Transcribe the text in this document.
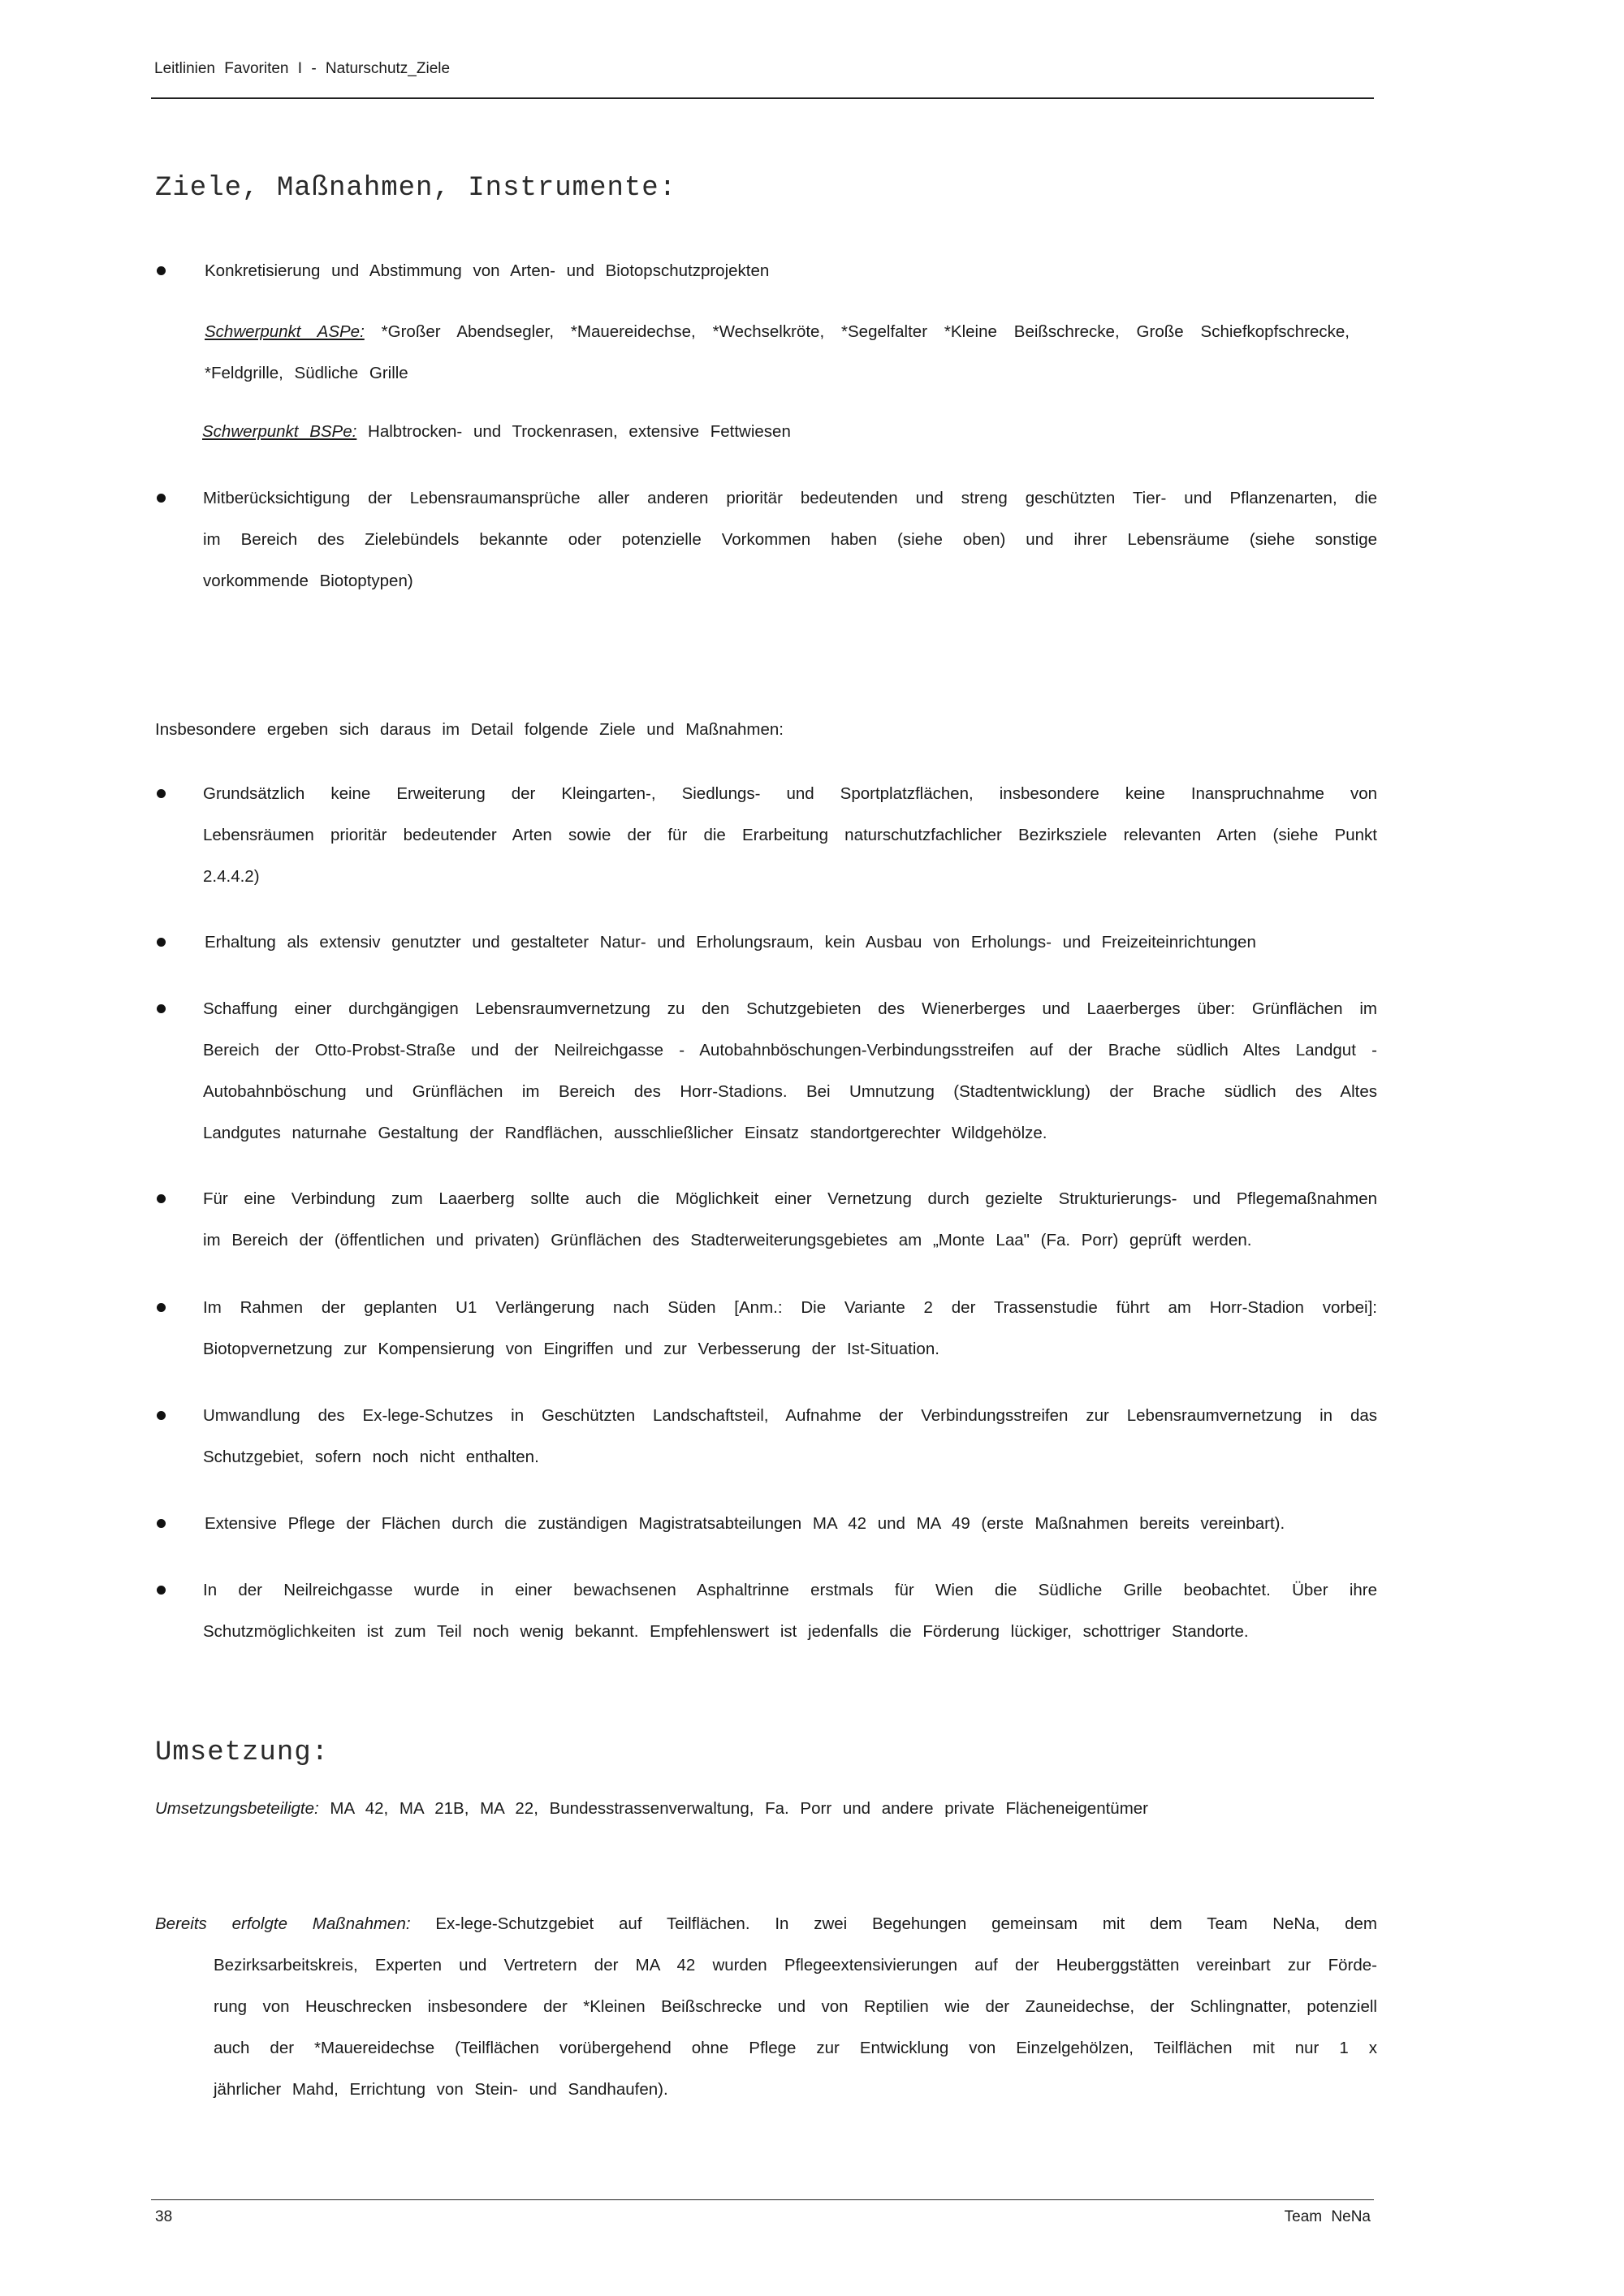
Leitlinien Favoriten I - Naturschutz_Ziele
Ziele, Maßnahmen, Instrumente:
Konkretisierung und Abstimmung von Arten- und Biotopschutzprojekten
Schwerpunkt ASPe: *Großer Abendsegler, *Mauereidechse, *Wechselkröte, *Segelfalter *Kleine Beißschrecke, Große Schiefkopfschrecke,
*Feldgrille, Südliche Grille
Schwerpunkt BSPe: Halbtrocken- und Trockenrasen, extensive Fettwiesen
Mitberücksichtigung der Lebensraumansprüche aller anderen prioritär bedeutenden und streng geschützten Tier- und Pflanzenarten, die
im Bereich des Zielebündels bekannte oder potenzielle Vorkommen haben (siehe oben) und ihrer Lebensräume (siehe sonstige
vorkommende Biotoptypen)
Insbesondere ergeben sich daraus im Detail folgende Ziele und Maßnahmen:
Grundsätzlich keine Erweiterung der Kleingarten-, Siedlungs- und Sportplatzflächen, insbesondere keine Inanspruchnahme von
Lebensräumen prioritär bedeutender Arten sowie der für die Erarbeitung naturschutzfachlicher Bezirksziele relevanten Arten (siehe Punkt
2.4.4.2)
Erhaltung als extensiv genutzter und gestalteter Natur- und Erholungsraum, kein Ausbau von Erholungs- und Freizeiteinrichtungen
Schaffung einer durchgängigen Lebensraumvernetzung zu den Schutzgebieten des Wienerberges und Laaerberges über: Grünflächen im
Bereich der Otto-Probst-Straße und der Neilreichgasse - Autobahnböschungen-Verbindungsstreifen auf der Brache südlich Altes Landgut -
Autobahnböschung und Grünflächen im Bereich des Horr-Stadions. Bei Umnutzung (Stadtentwicklung) der Brache südlich des Altes
Landgutes naturnahe Gestaltung der Randflächen, ausschließlicher Einsatz standortgerechter Wildgehölze.
Für eine Verbindung zum Laaerberg sollte auch die Möglichkeit einer Vernetzung durch gezielte Strukturierungs- und Pflegemaßnahmen
im Bereich der (öffentlichen und privaten) Grünflächen des Stadterweiterungsgebietes am „Monte Laa" (Fa. Porr) geprüft werden.
Im Rahmen der geplanten U1 Verlängerung nach Süden [Anm.: Die Variante 2 der Trassenstudie führt am Horr-Stadion vorbei]:
Biotopvernetzung zur Kompensierung von Eingriffen und zur Verbesserung der Ist-Situation.
Umwandlung des Ex-lege-Schutzes in Geschützten Landschaftsteil, Aufnahme der Verbindungsstreifen zur Lebensraumvernetzung in das
Schutzgebiet, sofern noch nicht enthalten.
Extensive Pflege der Flächen durch die zuständigen Magistratsabteilungen MA 42 und MA 49 (erste Maßnahmen bereits vereinbart).
In der Neilreichgasse wurde in einer bewachsenen Asphaltrinne erstmals für Wien die Südliche Grille beobachtet. Über ihre
Schutzmöglichkeiten ist zum Teil noch wenig bekannt. Empfehlenswert ist jedenfalls die Förderung lückiger, schottriger Standorte.
Umsetzung:
Umsetzungsbeteiligte: MA 42, MA 21B, MA 22, Bundesstrassenverwaltung, Fa. Porr und andere private Flächeneigentümer
Bereits erfolgte Maßnahmen: Ex-lege-Schutzgebiet auf Teilflächen. In zwei Begehungen gemeinsam mit dem Team NeNa, dem
Bezirksarbeitskreis, Experten und Vertretern der MA 42 wurden Pflegeextensivierungen auf der Heuberggstätten vereinbart zur Förde-
rung von Heuschrecken insbesondere der *Kleinen Beißschrecke und von Reptilien wie der Zauneidechse, der Schlingnatter, potenziell
auch der *Mauereidechse (Teilflächen vorübergehend ohne Pflege zur Entwicklung von Einzelgehölzen, Teilflächen mit nur 1 x
jährlicher Mahd, Errichtung von Stein- und Sandhaufen).
38	Team NeNa
